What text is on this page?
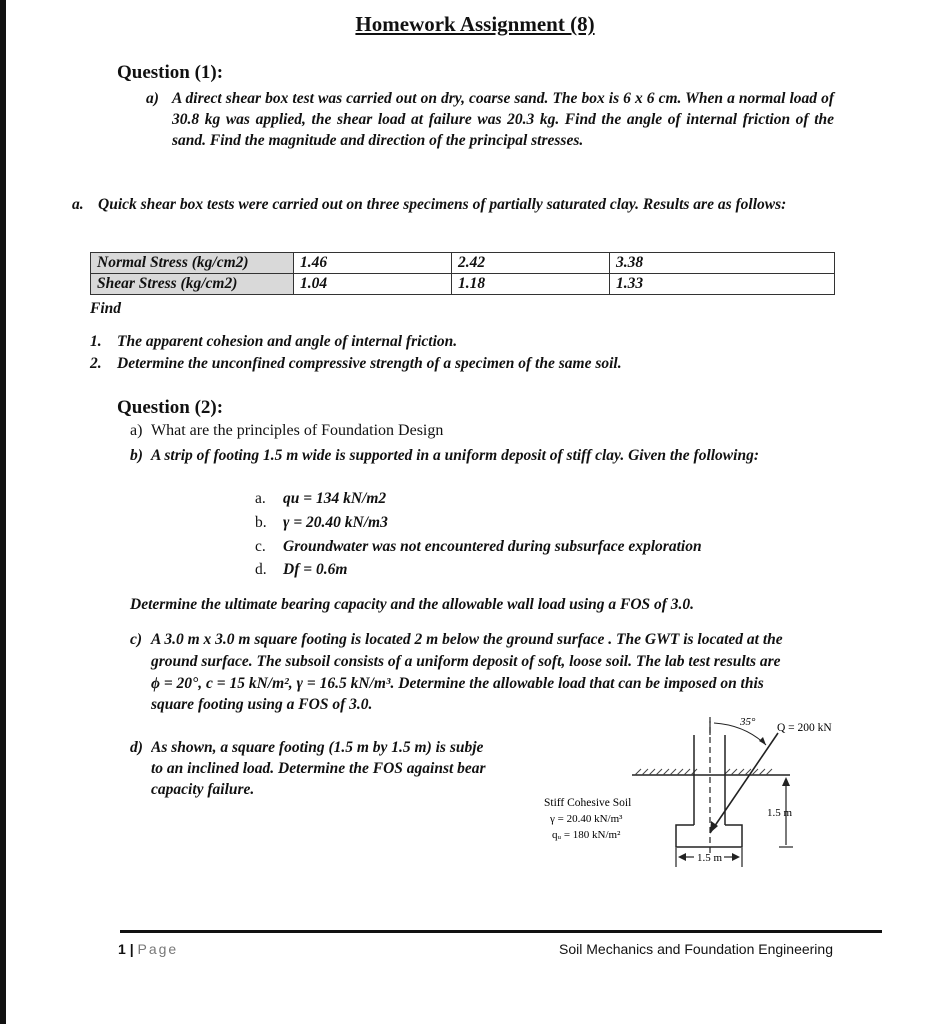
Homework Assignment (8)
Question (1):
a) A direct shear box test was carried out on dry, coarse sand. The box is 6 x 6 cm. When a normal load of 30.8 kg was applied, the shear load at failure was 20.3 kg. Find the angle of internal friction of the sand. Find the magnitude and direction of the principal stresses.
a. Quick shear box tests were carried out on three specimens of partially saturated clay. Results are as follows:
Normal Stress (kg/cm2)	1.46	2.42	3.38
Shear Stress (kg/cm2)	1.04	1.18	1.33
Find
1. The apparent cohesion and angle of internal friction.
2. Determine the unconfined compressive strength of a specimen of the same soil.
Question (2):
a) What are the principles of Foundation Design
b) A strip of footing 1.5 m wide is supported in a uniform deposit of stiff clay. Given the following:
a. qu = 134 kN/m2
b. γ = 20.40 kN/m3
c. Groundwater was not encountered during subsurface exploration
d. Df = 0.6m
Determine the ultimate bearing capacity and the allowable wall load using a FOS of 3.0.
c) A 3.0 m x 3.0 m square footing is located 2 m below the ground surface . The GWT is located at the
ground surface. The subsoil consists of a uniform deposit of soft, loose soil. The lab test results are
ϕ = 20°, c = 15 kN/m², γ = 16.5 kN/m³. Determine the allowable load that can be imposed on this
square footing using a FOS of 3.0.
d) As shown, a square footing (1.5 m by 1.5 m) is subje
to an inclined load. Determine the FOS against bear
capacity failure.
35° Q = 200 kN
1.5 m
1.5 m
Stiff Cohesive Soil
γ = 20.40 kN/m³
qᵤ = 180 kN/m²
1 | Page	Soil Mechanics and Foundation Engineering
